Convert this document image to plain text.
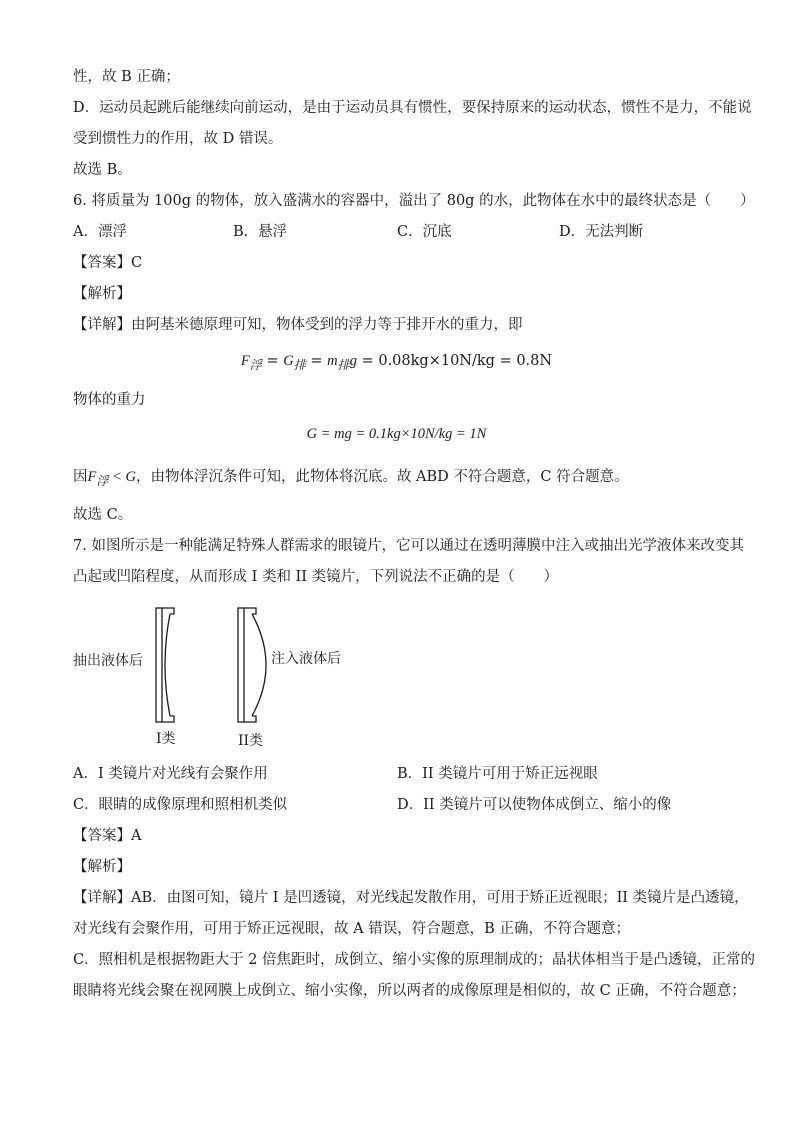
性，故 B 正确；
D．运动员起跳后能继续向前运动，是由于运动员具有惯性，要保持原来的运动状态，惯性不是力，不能说
受到惯性力的作用，故 D 错误。
故选 B。
6. 将质量为 100g 的物体，放入盛满水的容器中，溢出了 80g 的水，此物体在水中的最终状态是（　　）
A．漂浮	B．悬浮	C．沉底	D．无法判断
【答案】C
【解析】
【详解】由阿基米德原理可知，物体受到的浮力等于排开水的重力，即
$F_浮 = G_排 = m_排g = 0.08kg\times 10N/kg = 0.8N$
物体的重力
G = mg = 0.1kg×10N/kg = 1N
因$F_浮 < G$，由物体浮沉条件可知，此物体将沉底。故 ABD 不符合题意，C 符合题意。
故选 C。
7. 如图所示是一种能满足特殊人群需求的眼镜片，它可以通过在透明薄膜中注入或抽出光学液体来改变其
凸起或凹陷程度，从而形成 I 类和 II 类镜片，下列说法不正确的是（　　）
抽出液体后	注入液体后
I类	II类
A．I 类镜片对光线有会聚作用	B．II 类镜片可用于矫正远视眼
C．眼睛的成像原理和照相机类似	D．II 类镜片可以使物体成倒立、缩小的像
【答案】A
【解析】
【详解】AB．由图可知，镜片 I 是凹透镜，对光线起发散作用，可用于矫正近视眼；II 类镜片是凸透镜，
对光线有会聚作用，可用于矫正远视眼，故 A 错误，符合题意，B 正确，不符合题意；
C．照相机是根据物距大于 2 倍焦距时，成倒立、缩小实像的原理制成的；晶状体相当于是凸透镜，正常的
眼睛将光线会聚在视网膜上成倒立、缩小实像，所以两者的成像原理是相似的，故 C 正确，不符合题意；
